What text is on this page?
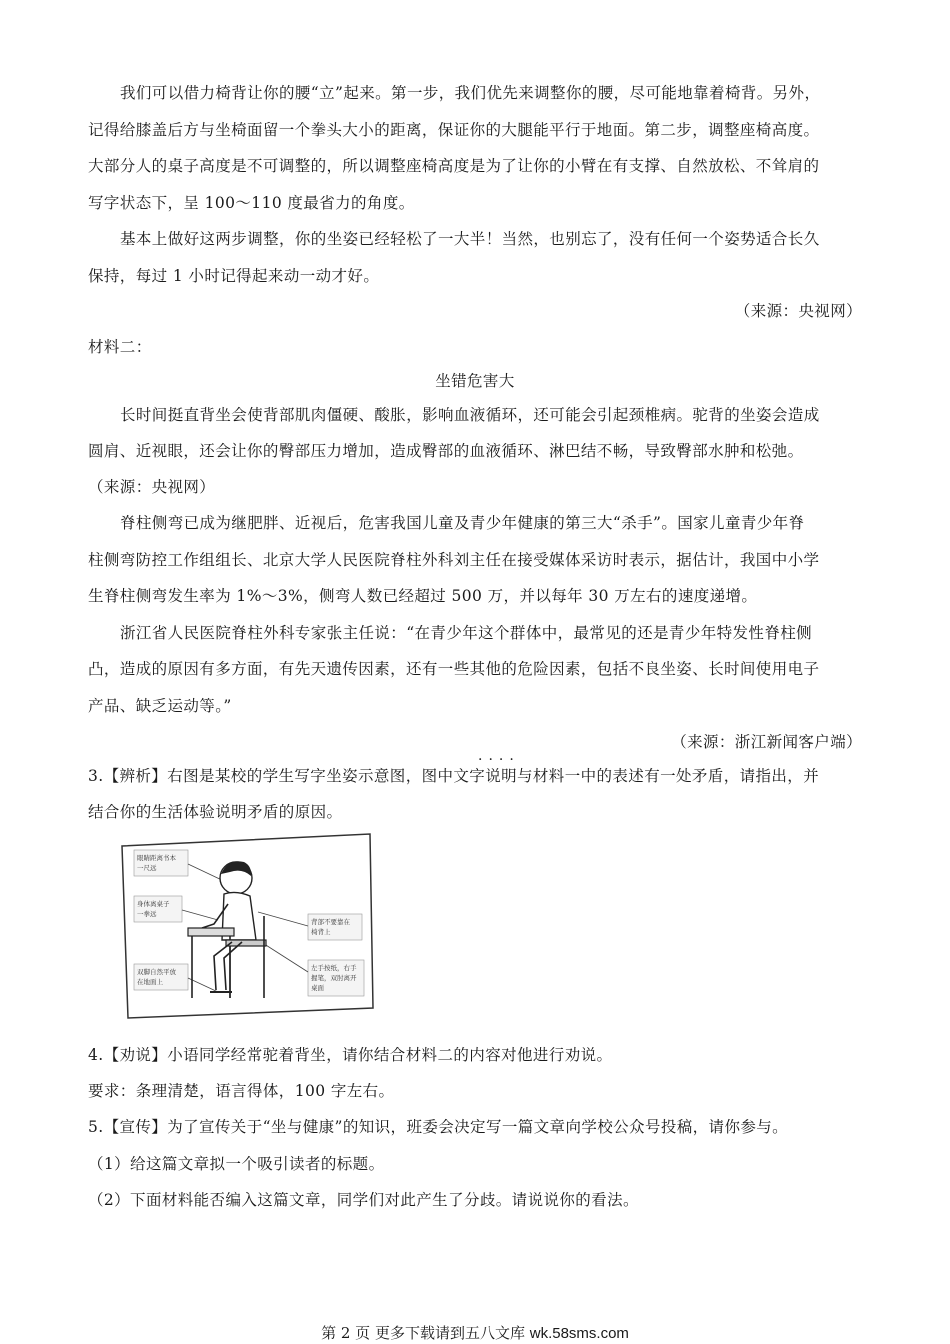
我们可以借力椅背让你的腰“立”起来。第一步，我们优先来调整你的腰，尽可能地靠着椅背。另外，
记得给膝盖后方与坐椅面留一个拳头大小的距离，保证你的大腿能平行于地面。第二步，调整座椅高度。
大部分人的桌子高度是不可调整的，所以调整座椅高度是为了让你的小臂在有支撑、自然放松、不耸肩的
写字状态下，呈 100～110 度最省力的角度。
基本上做好这两步调整，你的坐姿已经轻松了一大半！当然，也别忘了，没有任何一个姿势适合长久
保持，每过 1 小时记得起来动一动才好。
（来源：央视网）
材料二：
坐错危害大
长时间挺直背坐会使背部肌肉僵硬、酸胀，影响血液循环，还可能会引起颈椎病。驼背的坐姿会造成
圆肩、近视眼，还会让你的臀部压力增加，造成臀部的血液循环、淋巴结不畅，导致臀部水肿和松弛。
（来源：央视网）
脊柱侧弯已成为继肥胖、近视后，危害我国儿童及青少年健康的第三大“杀手”。国家儿童青少年脊
柱侧弯防控工作组组长、北京大学人民医院脊柱外科刘主任在接受媒体采访时表示，据估计，我国中小学
生脊柱侧弯发生率为 1%～3%，侧弯人数已经超过 500 万，并以每年 30 万左右的速度递增。
浙江省人民医院脊柱外科专家张主任说：“在青少年这个群体中，最常见的还是青少年特发性脊柱侧
凸，造成的原因有多方面，有先天遗传因素，还有一些其他的危险因素，包括不良坐姿、长时间使用电子
产品、缺乏运动等。”
（来源：浙江新闻客户端）
····
3.【辨析】右图是某校的学生写字坐姿示意图，图中文字说明与材料一中的表述有一处矛盾，请指出，并
结合你的生活体验说明矛盾的原因。
眼睛距离书本
一尺远
身体离桌子
一拳远
背部不要靠在
椅背上
双脚自然平放
在地面上
左手按纸，右手
握笔，双肘离开
桌面
4.【劝说】小语同学经常驼着背坐，请你结合材料二的内容对他进行劝说。
要求：条理清楚，语言得体，100 字左右。
5.【宣传】为了宣传关于“坐与健康”的知识，班委会决定写一篇文章向学校公众号投稿，请你参与。
（1）给这篇文章拟一个吸引读者的标题。
（2）下面材料能否编入这篇文章，同学们对此产生了分歧。请说说你的看法。
第 2 页 更多下载请到五八文库 wk.58sms.com
